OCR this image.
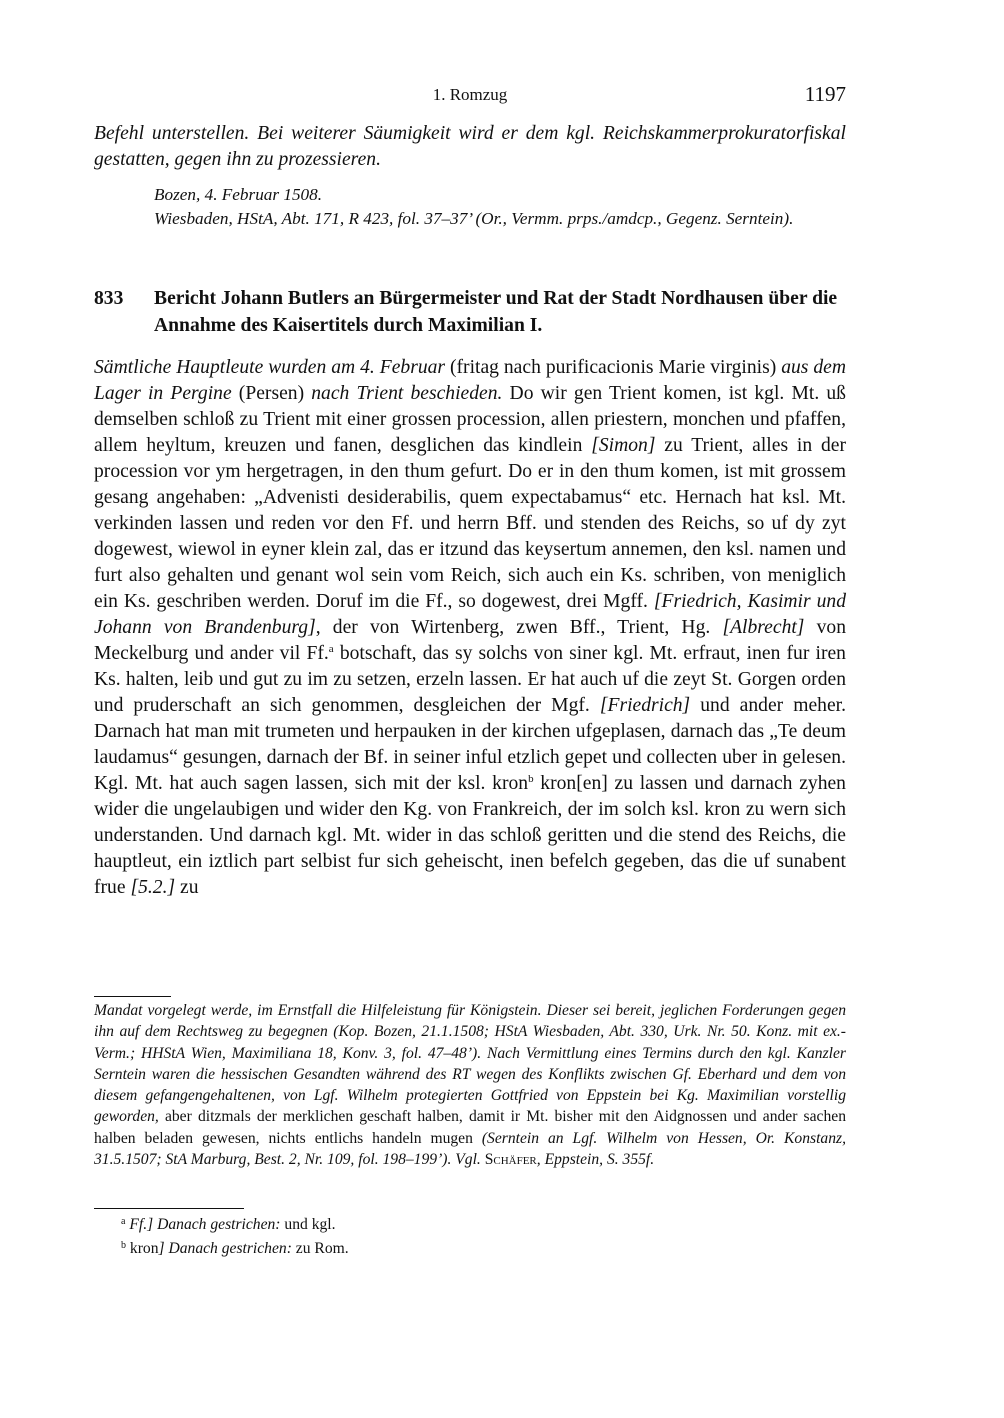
1. Romzug	1197
Befehl unterstellen. Bei weiterer Säumigkeit wird er dem kgl. Reichskammerprokuratorfiskal gestatten, gegen ihn zu prozessieren.
Bozen, 4. Februar 1508.
Wiesbaden, HStA, Abt. 171, R 423, fol. 37–37’ (Or., Vermm. prps./amdcp., Gegenz. Serntein).
833 Bericht Johann Butlers an Bürgermeister und Rat der Stadt Nordhausen über die Annahme des Kaisertitels durch Maximilian I.
Sämtliche Hauptleute wurden am 4. Februar (fritag nach purificacionis Marie virginis) aus dem Lager in Pergine (Persen) nach Trient beschieden. Do wir gen Trient komen, ist kgl. Mt. uß demselben schloß zu Trient mit einer grossen procession, allen priestern, monchen und pfaffen, allem heyltum, kreuzen und fanen, desglichen das kindlein [Simon] zu Trient, alles in der procession vor ym hergetragen, in den thum gefurt. Do er in den thum komen, ist mit grossem gesang angehaben: „Advenisti desiderabilis, quem expectabamus“ etc. Hernach hat ksl. Mt. verkinden lassen und reden vor den Ff. und herrn Bff. und stenden des Reichs, so uf dy zyt dogewest, wiewol in eyner klein zal, das er itzund das keysertum annemen, den ksl. namen und furt also gehalten und genant wol sein vom Reich, sich auch ein Ks. schriben, von meniglich ein Ks. geschriben werden. Doruf im die Ff., so dogewest, drei Mgff. [Friedrich, Kasimir und Johann von Brandenburg], der von Wirtenberg, zwen Bff., Trient, Hg. [Albrecht] von Meckelburg und ander vil Ff.$^a$ botschaft, das sy solchs von siner kgl. Mt. erfraut, inen fur iren Ks. halten, leib und gut zu im zu setzen, erzeln lassen. Er hat auch uf die zeyt St. Gorgen orden und pruderschaft an sich genommen, desgleichen der Mgf. [Friedrich] und ander meher. Darnach hat man mit trumeten und herpauken in der kirchen ufgeplasen, darnach das „Te deum laudamus“ gesungen, darnach der Bf. in seiner inful etzlich gepet und collecten uber in gelesen. Kgl. Mt. hat auch sagen lassen, sich mit der ksl. kron$^b$ kron[en] zu lassen und darnach zyhen wider die ungelaubigen und wider den Kg. von Frankreich, der im solch ksl. kron zu wern sich understanden. Und darnach kgl. Mt. wider in das schloß geritten und die stend des Reichs, die hauptleut, ein iztlich part selbist fur sich geheischt, inen befelch gegeben, das die uf sunabent frue [5.2.] zu
Mandat vorgelegt werde, im Ernstfall die Hilfeleistung für Königstein. Dieser sei bereit, jeglichen Forderungen gegen ihn auf dem Rechtsweg zu begegnen (Kop. Bozen, 21.1.1508; HStA Wiesbaden, Abt. 330, Urk. Nr. 50. Konz. mit ex.-Verm.; HHStA Wien, Maximiliana 18, Konv. 3, fol. 47–48’). Nach Vermittlung eines Termins durch den kgl. Kanzler Serntein waren die hessischen Gesandten während des RT wegen des Konflikts zwischen Gf. Eberhard und dem von diesem gefangengehaltenen, von Lgf. Wilhelm protegierten Gottfried von Eppstein bei Kg. Maximilian vorstellig geworden, aber ditzmals der merklichen geschaft halben, damit ir Mt. bisher mit den Aidgnossen und ander sachen halben beladen gewesen, nichts entlichs handeln mugen (Serntein an Lgf. Wilhelm von Hessen, Or. Konstanz, 31.5.1507; StA Marburg, Best. 2, Nr. 109, fol. 198–199’). Vgl. Schäfer, Eppstein, S. 355f.
$^a$ Ff.] Danach gestrichen: und kgl.
$^b$ kron] Danach gestrichen: zu Rom.
